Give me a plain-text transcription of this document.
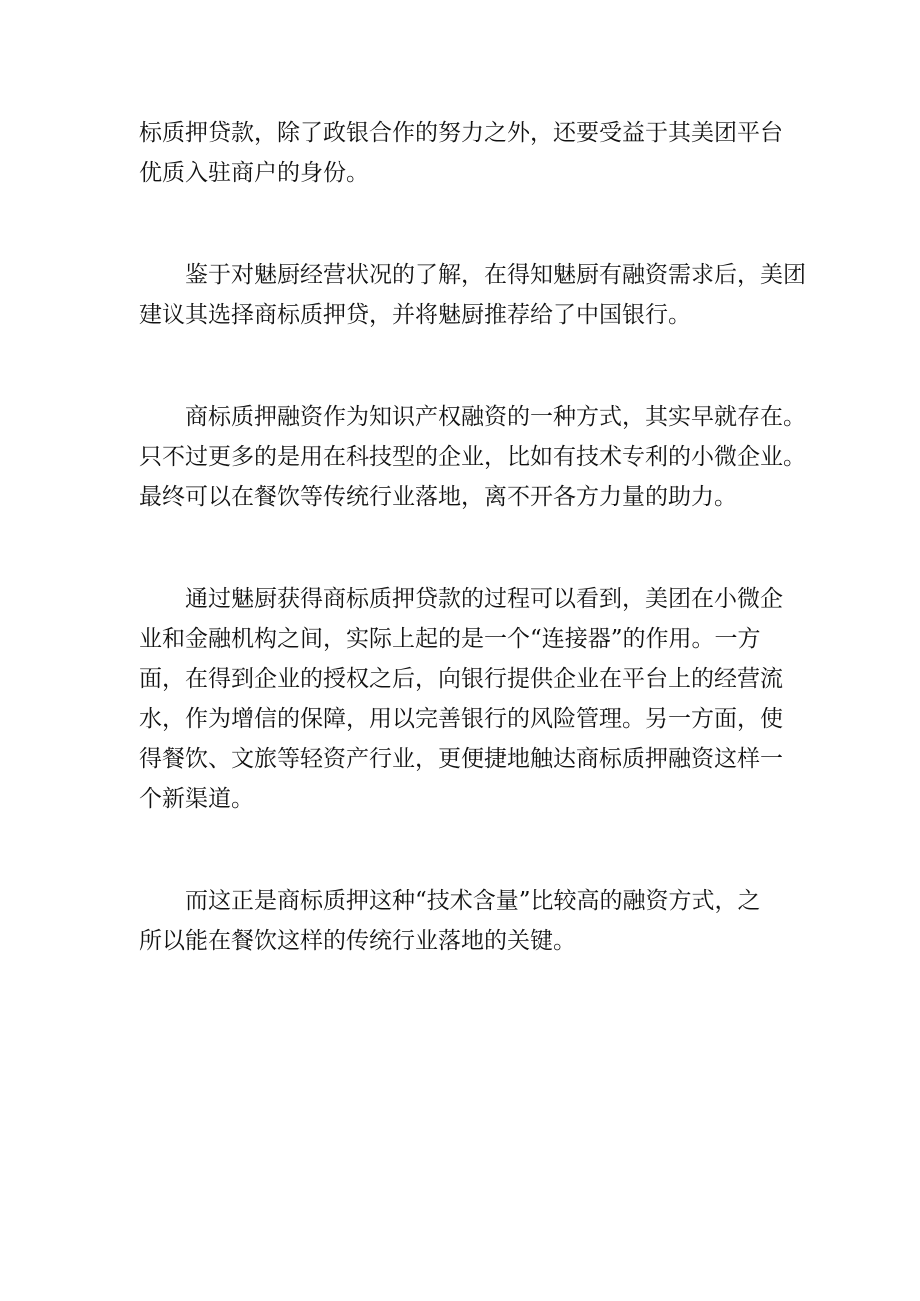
标质押贷款，除了政银合作的努力之外，还要受益于其美团平台
优质入驻商户的身份。
鉴于对魅厨经营状况的了解，在得知魅厨有融资需求后，美团
建议其选择商标质押贷，并将魅厨推荐给了中国银行。
商标质押融资作为知识产权融资的一种方式，其实早就存在。
只不过更多的是用在科技型的企业，比如有技术专利的小微企业。
最终可以在餐饮等传统行业落地，离不开各方力量的助力。
通过魅厨获得商标质押贷款的过程可以看到，美团在小微企
业和金融机构之间，实际上起的是一个“连接器”的作用。一方
面，在得到企业的授权之后，向银行提供企业在平台上的经营流
水，作为增信的保障，用以完善银行的风险管理。另一方面，使
得餐饮、文旅等轻资产行业，更便捷地触达商标质押融资这样一
个新渠道。
而这正是商标质押这种“技术含量”比较高的融资方式，之
所以能在餐饮这样的传统行业落地的关键。
